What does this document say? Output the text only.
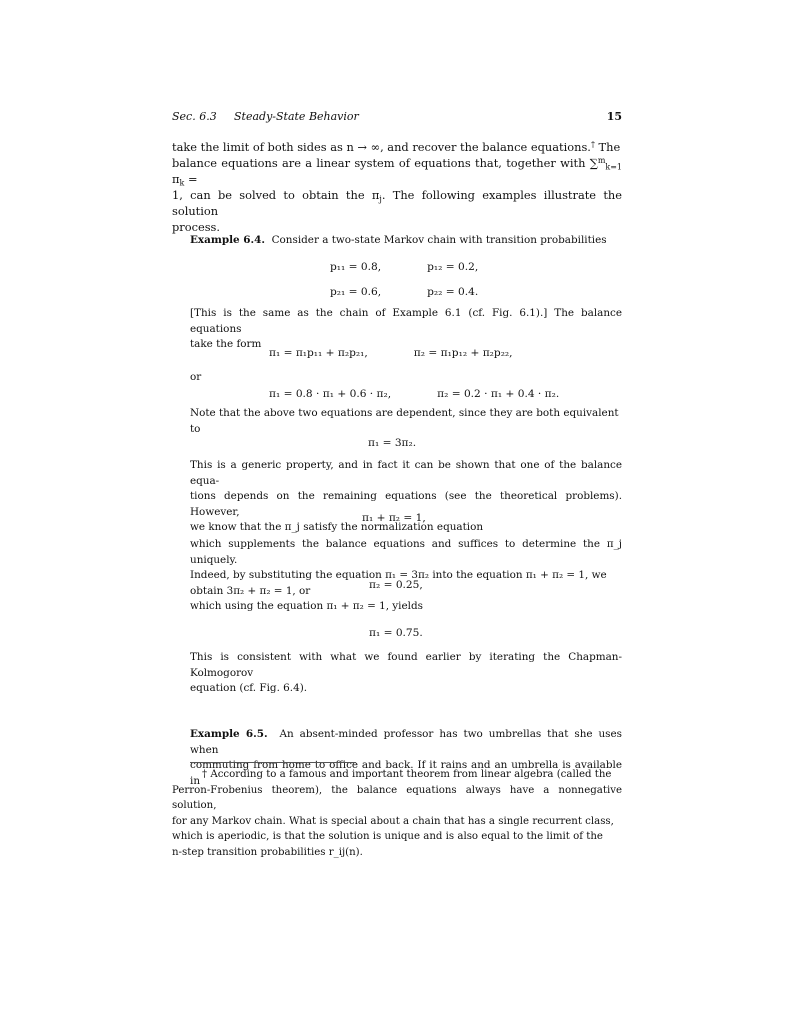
Sec. 6.3 Steady-State Behavior	15
take the limit of both sides as n → ∞, and recover the balance equations.† The
balance equations are a linear system of equations that, together with ∑$^m_{k=1}$ $\pi_k$ =
1, can be solved to obtain the $\pi_j$. The following examples illustrate the solution
process.
Example 6.4. Consider a two-state Markov chain with transition probabilities
p₁₁ = 0.8,	p₁₂ = 0.2,
p₂₁ = 0.6,	p₂₂ = 0.4.
[This is the same as the chain of Example 6.1 (cf. Fig. 6.1).] The balance equations
take the form
π₁ = π₁p₁₁ + π₂p₂₁,	π₂ = π₁p₁₂ + π₂p₂₂,
or
π₁ = 0.8 · π₁ + 0.6 · π₂,	π₂ = 0.2 · π₁ + 0.4 · π₂.
Note that the above two equations are dependent, since they are both equivalent
to
π₁ = 3π₂.
This is a generic property, and in fact it can be shown that one of the balance equa-
tions depends on the remaining equations (see the theoretical problems). However,
we know that the π_j satisfy the normalization equation
π₁ + π₂ = 1,
which supplements the balance equations and suffices to determine the π_j uniquely.
Indeed, by substituting the equation π₁ = 3π₂ into the equation π₁ + π₂ = 1, we
obtain 3π₂ + π₂ = 1, or	π₂ = 0.25,
which using the equation π₁ + π₂ = 1, yields
π₁ = 0.75.
This is consistent with what we found earlier by iterating the Chapman-Kolmogorov
equation (cf. Fig. 6.4).
Example 6.5. An absent-minded professor has two umbrellas that she uses when
commuting from home to office and back. If it rains and an umbrella is available in † According to a famous and important theorem from linear algebra (called the
Perron-Frobenius theorem), the balance equations always have a nonnegative solution,
for any Markov chain. What is special about a chain that has a single recurrent class,
which is aperiodic, is that the solution is unique and is also equal to the limit of the
n-step transition probabilities r_ij(n).
